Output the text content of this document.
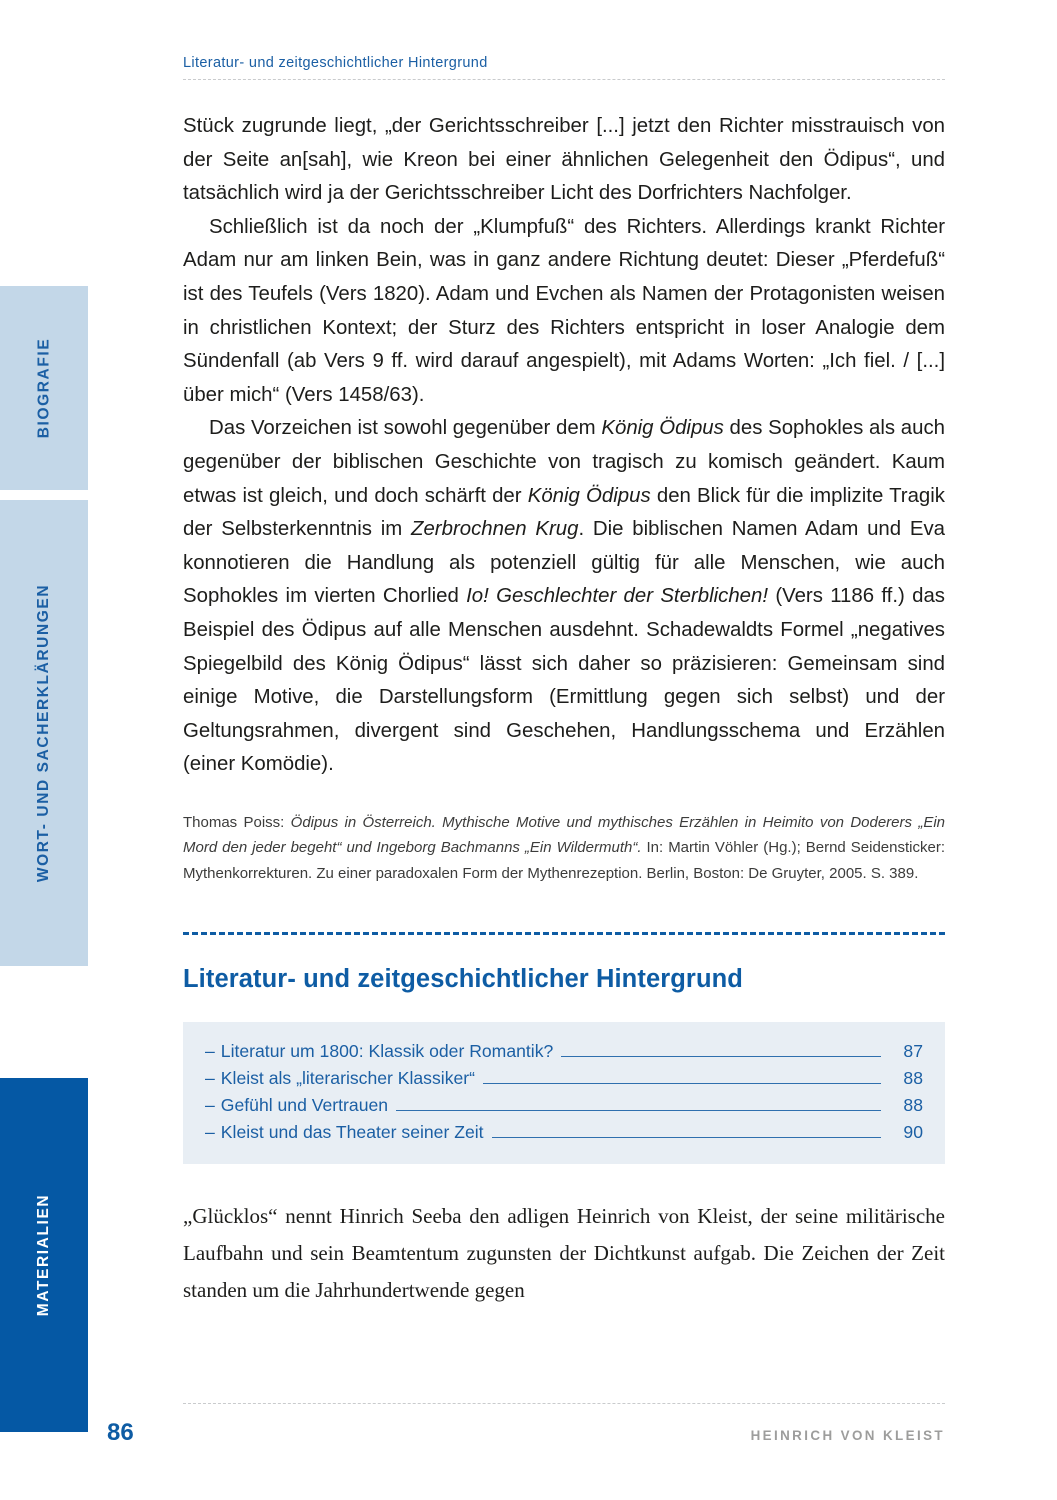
BIOGRAFIE
WORT- UND SACHERKLÄRUNGEN
MATERIALIEN
Literatur- und zeitgeschichtlicher Hintergrund

Stück zugrunde liegt, „der Gerichtsschreiber [...] jetzt den Richter misstrauisch von der Seite an[sah], wie Kreon bei einer ähnlichen Gelegenheit den Ödipus“, und tatsächlich wird ja der Gerichtsschreiber Licht des Dorfrichters Nachfolger.

Schließlich ist da noch der „Klumpfuß“ des Richters. Allerdings krankt Richter Adam nur am linken Bein, was in ganz andere Richtung deutet: Dieser „Pferdefuß“ ist des Teufels (Vers 1820). Adam und Evchen als Namen der Protagonisten weisen in christlichen Kontext; der Sturz des Richters entspricht in loser Analogie dem Sündenfall (ab Vers 9 ff. wird darauf angespielt), mit Adams Worten: „Ich fiel. / [...] über mich“ (Vers 1458/63).

Das Vorzeichen ist sowohl gegenüber dem König Ödipus des Sophokles als auch gegenüber der biblischen Geschichte von tragisch zu komisch geändert. Kaum etwas ist gleich, und doch schärft der König Ödipus den Blick für die implizite Tragik der Selbsterkenntnis im Zerbrochnen Krug. Die biblischen Namen Adam und Eva konnotieren die Handlung als potenziell gültig für alle Menschen, wie auch Sophokles im vierten Chorlied Io! Geschlechter der Sterblichen! (Vers 1186 ff.) das Beispiel des Ödipus auf alle Menschen ausdehnt. Schadewaldts Formel „negatives Spiegelbild des König Ödipus“ lässt sich daher so präzisieren: Gemeinsam sind einige Motive, die Darstellungsform (Ermittlung gegen sich selbst) und der Geltungsrahmen, divergent sind Geschehen, Handlungsschema und Erzählen (einer Komödie).

Thomas Poiss: Ödipus in Österreich. Mythische Motive und mythisches Erzählen in Heimito von Doderers „Ein Mord den jeder begeht“ und Ingeborg Bachmanns „Ein Wildermuth“. In: Martin Vöhler (Hg.); Bernd Seidensticker: Mythenkorrekturen. Zu einer paradoxalen Form der Mythenrezeption. Berlin, Boston: De Gruyter, 2005. S. 389.

Literatur- und zeitgeschichtlicher Hintergrund
– Literatur um 1800: Klassik oder Romantik?	87
– Kleist als „literarischer Klassiker“	88
– Gefühl und Vertrauen	88
– Kleist und das Theater seiner Zeit	90

„Glücklos“ nennt Hinrich Seeba den adligen Heinrich von Kleist, der seine militärische Laufbahn und sein Beamtentum zugunsten der Dichtkunst aufgab. Die Zeichen der Zeit standen um die Jahrhundertwende gegen

86	HEINRICH VON KLEIST
